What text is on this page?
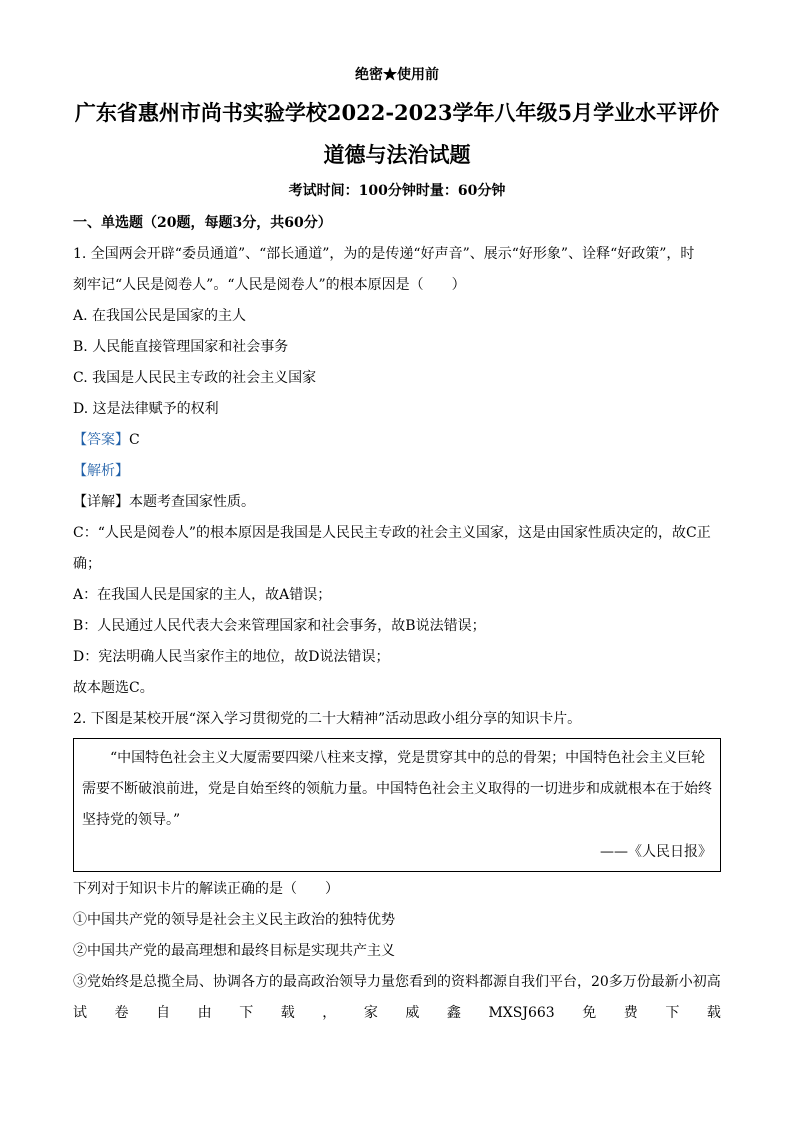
绝密★使用前
广东省惠州市尚书实验学校2022-2023学年八年级5月学业水平评价
道德与法治试题
考试时间：100分钟时量：60分钟
一、单选题（20题，每题3分，共60分）
1. 全国两会开辟“委员通道”、“部长通道”，为的是传递“好声音”、展示“好形象”、诠释“好政策”，时
刻牢记“人民是阅卷人”。“人民是阅卷人”的根本原因是（　　）
A. 在我国公民是国家的主人
B. 人民能直接管理国家和社会事务
C. 我国是人民民主专政的社会主义国家
D. 这是法律赋予的权利
【答案】C
【解析】
【详解】本题考查国家性质。
C：“人民是阅卷人”的根本原因是我国是人民民主专政的社会主义国家，这是由国家性质决定的，故C正
确；
A：在我国人民是国家的主人，故A错误；
B：人民通过人民代表大会来管理国家和社会事务，故B说法错误；
D：宪法明确人民当家作主的地位，故D说法错误；
故本题选C。
2. 下图是某校开展“深入学习贯彻党的二十大精神”活动思政小组分享的知识卡片。
“中国特色社会主义大厦需要四梁八柱来支撑，党是贯穿其中的总的骨架；中国特色社会主义巨轮
需要不断破浪前进，党是自始至终的领航力量。中国特色社会主义取得的一切进步和成就根本在于始终
坚持党的领导。”
——《人民日报》
下列对于知识卡片的解读正确的是（　　）
①中国共产党的领导是社会主义民主政治的独特优势
②中国共产党的最高理想和最终目标是实现共产主义
③党始终是总揽全局、协调各方的最高政治领导力量您看到的资料都源自我们平台，20多万份最新小初高
试 卷 自 由 下 载 ， 家 威 鑫 MXSJ663 免 费 下 载
